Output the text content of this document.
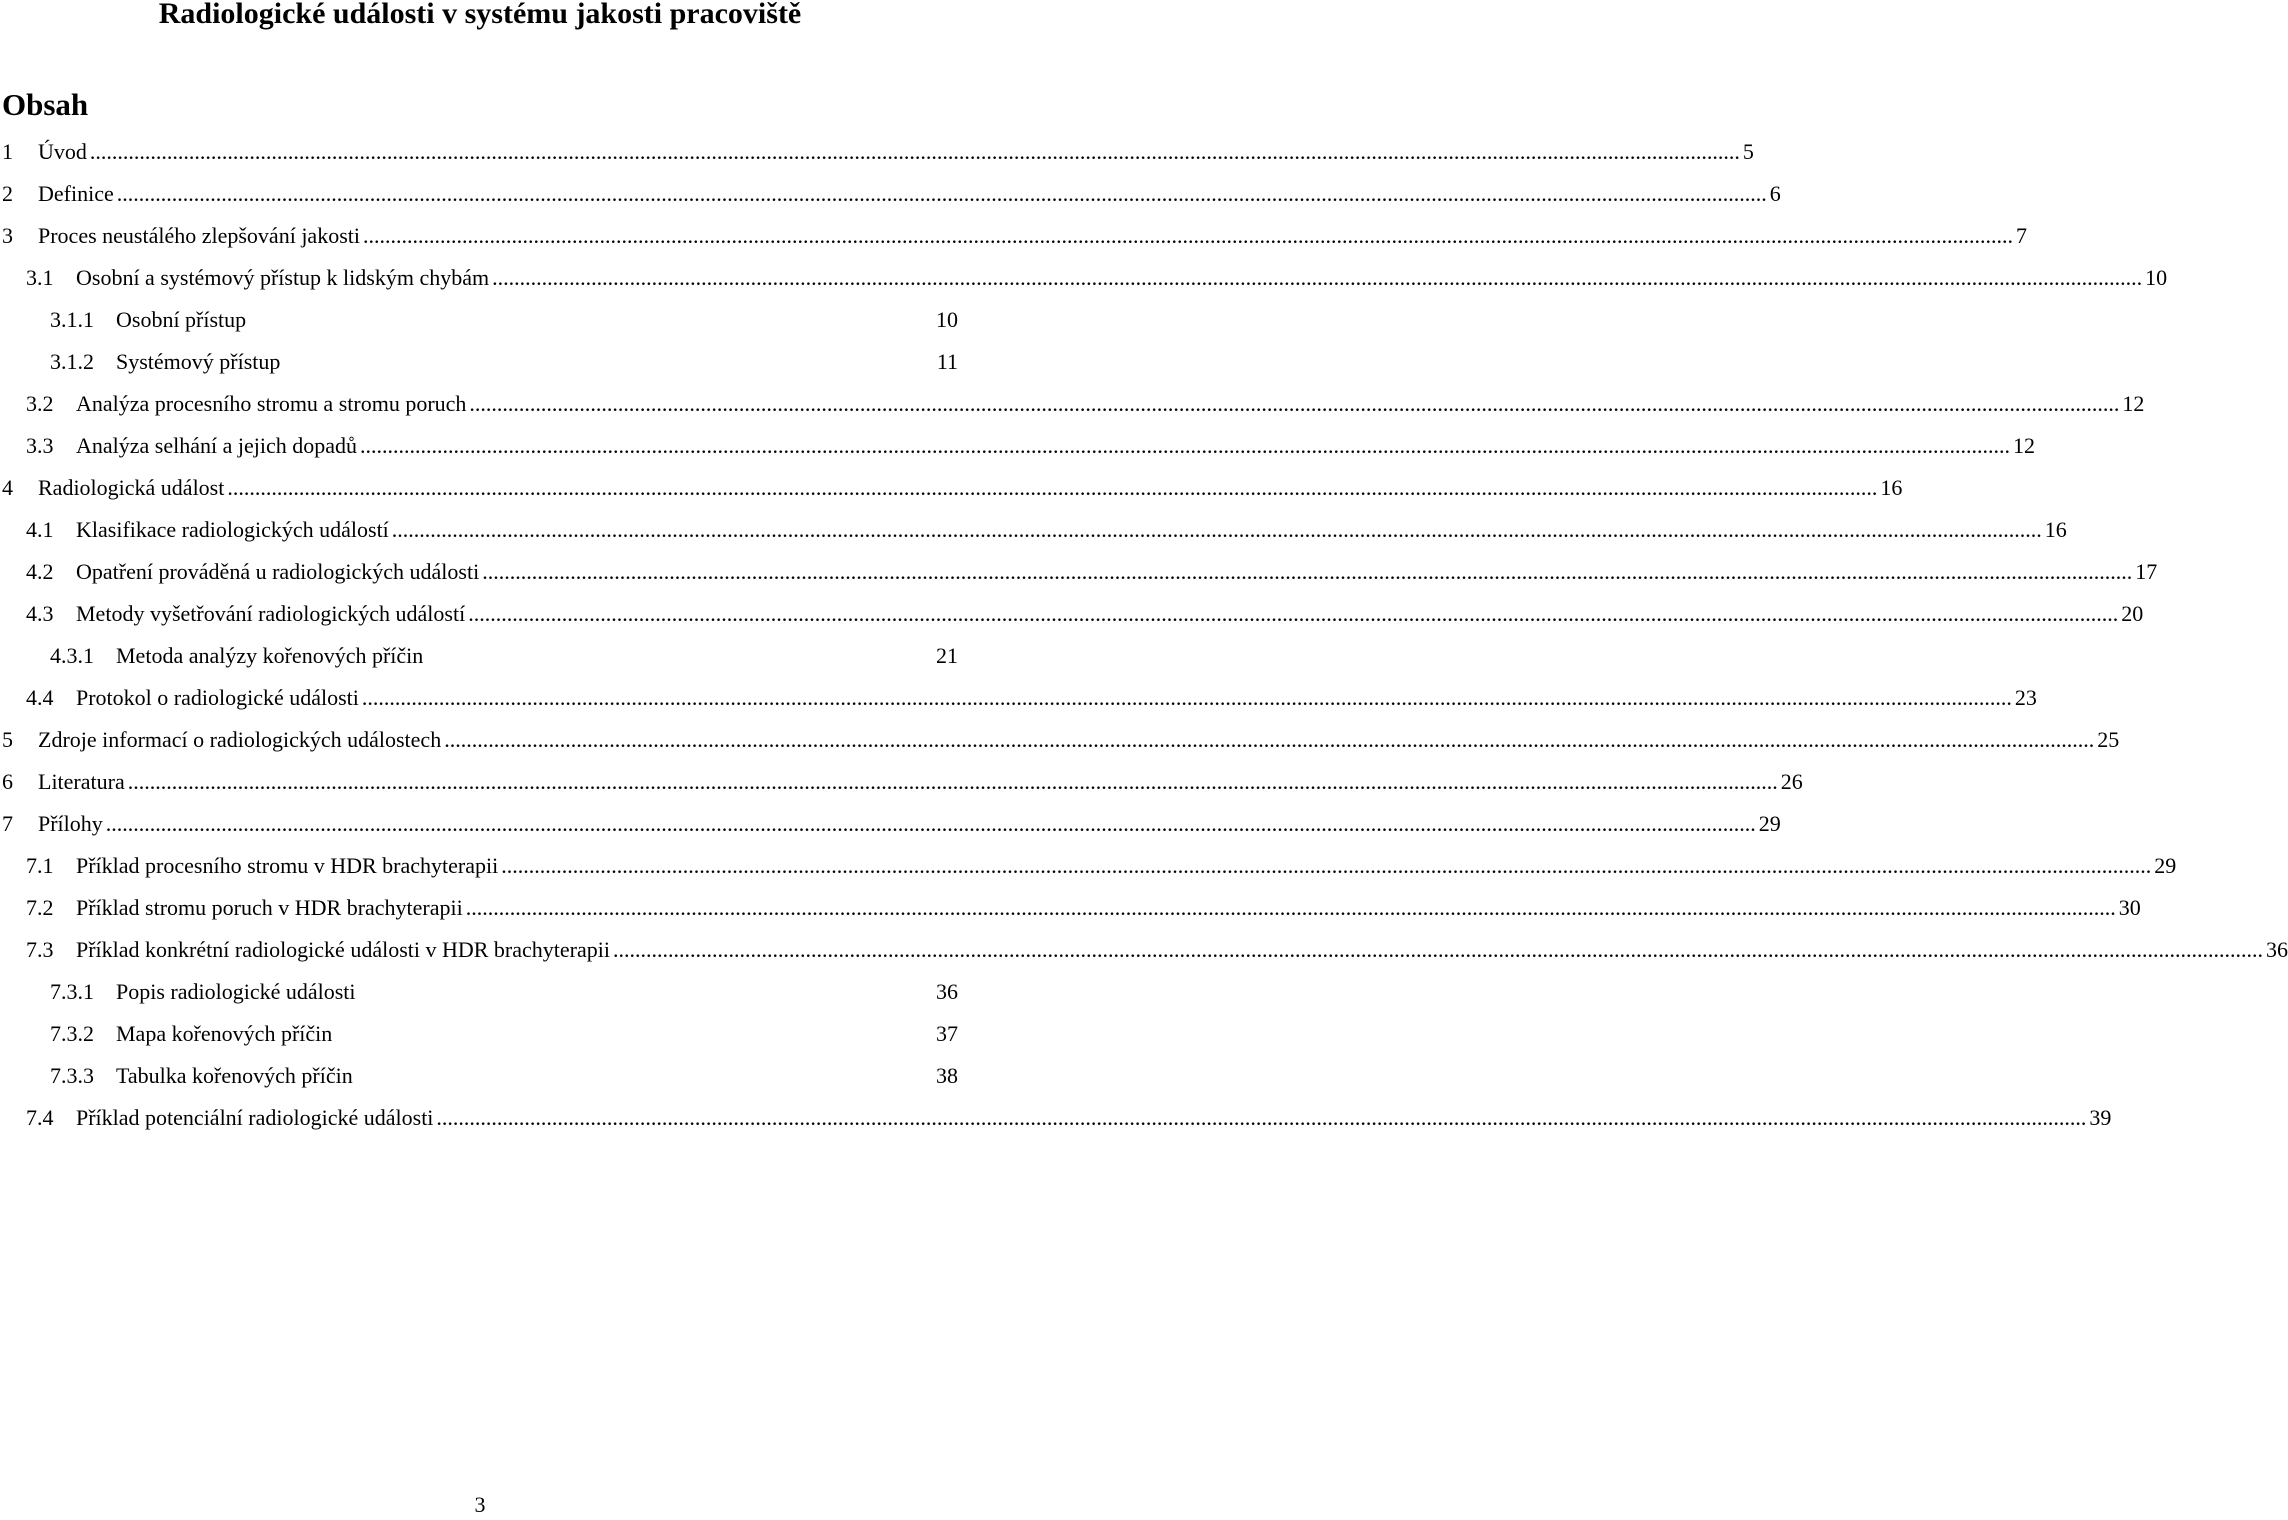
Radiologické události v systému jakosti pracoviště
Obsah
1 Úvod ............................................................................................................................................................................................................................................................................................................ 5
2 Definice ............................................................................................................................................................................................................................................................................................................ 6
3 Proces neustálého zlepšování jakosti ............................................................................................................................................................................................................................................................................................................ 7
3.1 Osobní a systémový přístup k lidským chybám ............................................................................................................................................................................................................................................................................................................ 10
3.1.1 Osobní přístup	10
3.1.2 Systémový přístup	11
3.2 Analýza procesního stromu a stromu poruch ............................................................................................................................................................................................................................................................................................................ 12
3.3 Analýza selhání a jejich dopadů ............................................................................................................................................................................................................................................................................................................ 12
4 Radiologická událost ............................................................................................................................................................................................................................................................................................................ 16
4.1 Klasifikace radiologických událostí ............................................................................................................................................................................................................................................................................................................ 16
4.2 Opatření prováděná u radiologických události ............................................................................................................................................................................................................................................................................................................ 17
4.3 Metody vyšetřování radiologických událostí ............................................................................................................................................................................................................................................................................................................ 20
4.3.1 Metoda analýzy kořenových příčin	21
4.4 Protokol o radiologické události ............................................................................................................................................................................................................................................................................................................ 23
5 Zdroje informací o radiologických událostech ............................................................................................................................................................................................................................................................................................................ 25
6 Literatura ............................................................................................................................................................................................................................................................................................................ 26
7 Přílohy ............................................................................................................................................................................................................................................................................................................ 29
7.1 Příklad procesního stromu v HDR brachyterapii ............................................................................................................................................................................................................................................................................................................ 29
7.2 Příklad stromu poruch v HDR brachyterapii ............................................................................................................................................................................................................................................................................................................ 30
7.3 Příklad konkrétní radiologické události v HDR brachyterapii ............................................................................................................................................................................................................................................................................................................ 36
7.3.1 Popis radiologické události	36
7.3.2 Mapa kořenových příčin	37
7.3.3 Tabulka kořenových příčin	38
7.4 Příklad potenciální radiologické události ............................................................................................................................................................................................................................................................................................................ 39
3
